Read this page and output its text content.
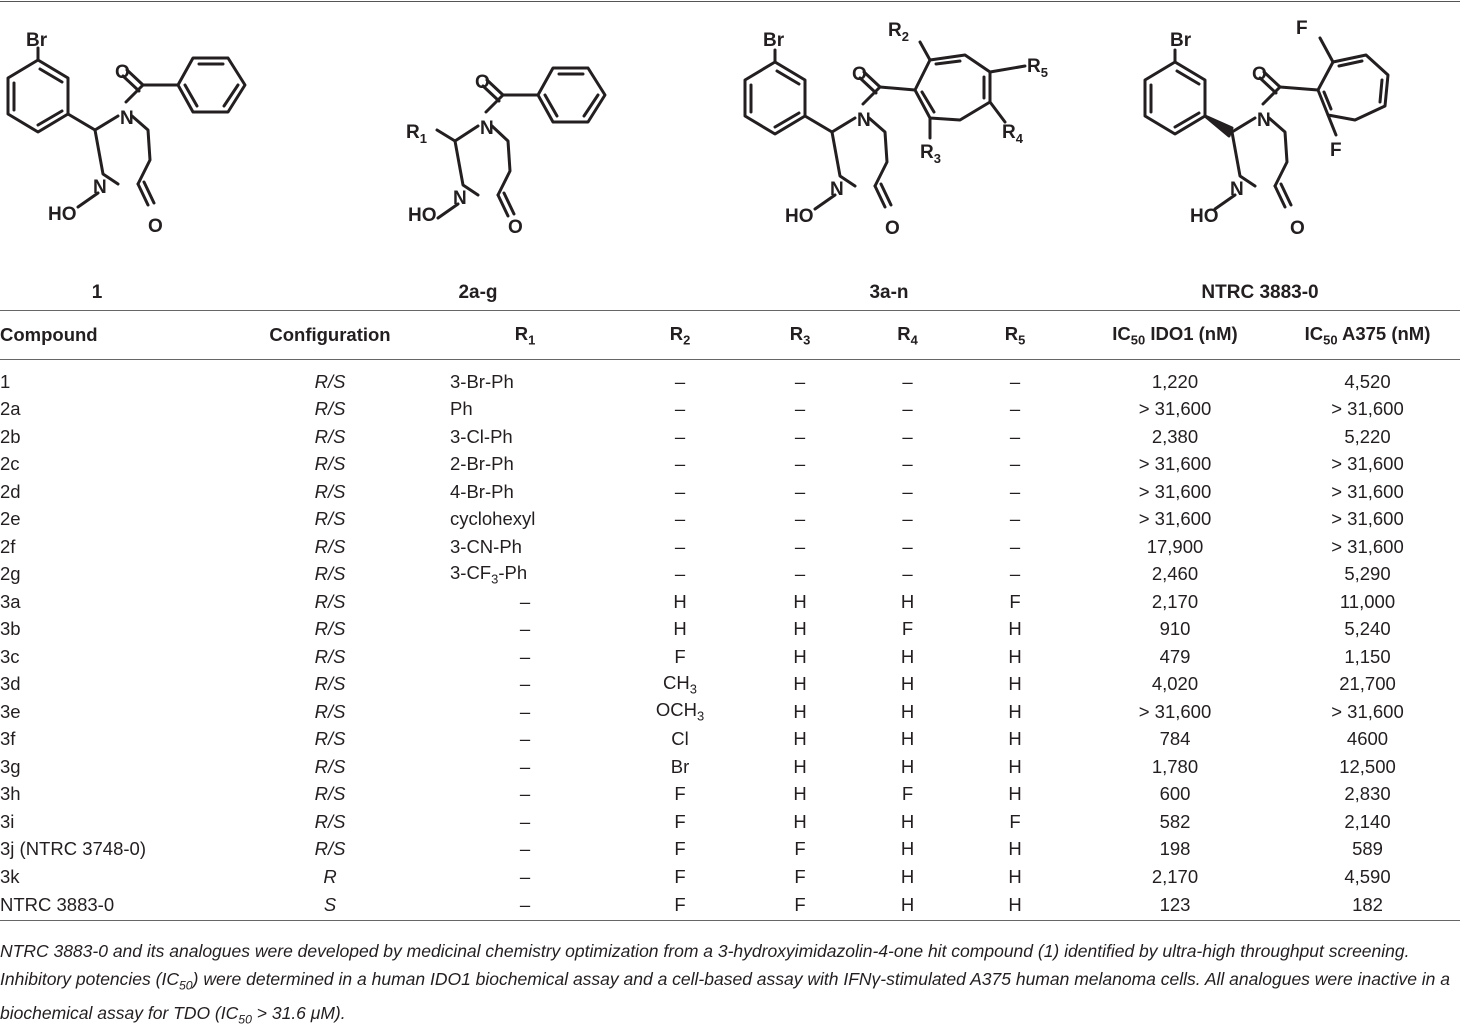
Br
O
N
N
HO
O
$R_1$
O
N
N
HO
O
Br
O
N
N
HO
O
$R_2$
$R_5$
$R_4$
$R_3$
Br
O
N
N
HO
O
F
F
1	2a-g	3a-n	NTRC 3883-0
Compound	Configuration	$R_1$	$R_2$	$R_3$	$R_4$	$R_5$	$IC_{50}$ IDO1 (nM)	$IC_{50}$ A375 (nM)

1	R/S	3-Br-Ph	–	–	–	–	1,220	4,520
2a	R/S	Ph	–	–	–	–	> 31,600	> 31,600
2b	R/S	3-Cl-Ph	–	–	–	–	2,380	5,220
2c	R/S	2-Br-Ph	–	–	–	–	> 31,600	> 31,600
2d	R/S	4-Br-Ph	–	–	–	–	> 31,600	> 31,600
2e	R/S	cyclohexyl	–	–	–	–	> 31,600	> 31,600
2f	R/S	3-CN-Ph	–	–	–	–	17,900	> 31,600
2g	R/S	$3-CF_3-Ph$	–	–	–	–	2,460	5,290
3a	R/S	–	H	H	H	F	2,170	11,000
3b	R/S	–	H	H	F	H	910	5,240
3c	R/S	–	F	H	H	H	479	1,150
3d	R/S	–	$CH_3$	H	H	H	4,020	21,700
3e	R/S	–	$OCH_3$	H	H	H	> 31,600	> 31,600
3f	R/S	–	Cl	H	H	H	784	4600
3g	R/S	–	Br	H	H	H	1,780	12,500
3h	R/S	–	F	H	F	H	600	2,830
3i	R/S	–	F	H	H	F	582	2,140
3j (NTRC 3748-0)	R/S	–	F	F	H	H	198	589
3k	R	–	F	F	H	H	2,170	4,590
NTRC 3883-0	S	–	F	F	H	H	123	182
NTRC 3883-0 and its analogues were developed by medicinal chemistry optimization from a 3-hydroxyimidazolin-4-one hit compound (1) identified by ultra-high throughput screening. Inhibitory potencies $(IC_{50})$ were determined in a human IDO1 biochemical assay and a cell-based assay with IFNγ-stimulated A375 human melanoma cells. All analogues were inactive in a biochemical assay for TDO ($IC_{50} > 31.6$ μM).
